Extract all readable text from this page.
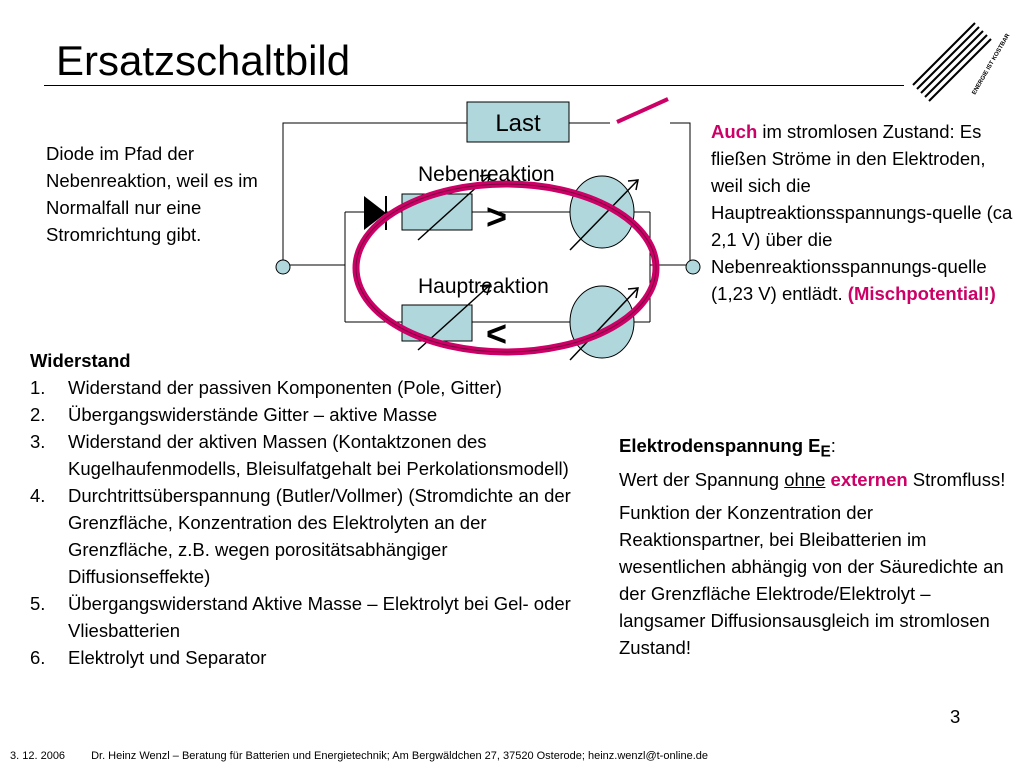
Ersatzschaltbild	ENERGIE IST KOSTBAR
Diode im Pfad der Nebenreaktion, weil es im Normalfall nur eine Stromrichtung gibt.
Last
>
<
Nebenreaktion
Hauptreaktion
Auch im stromlosen Zustand: Es fließen Ströme in den Elektroden, weil sich die Hauptreaktionsspannungs-quelle (ca 2,1 V) über die Nebenreaktionsspannungs-quelle (1,23 V) entlädt. (Mischpotential!)
Widerstand
1. Widerstand der passiven Komponenten (Pole, Gitter)
2. Übergangswiderstände Gitter – aktive Masse
3. Widerstand der aktiven Massen (Kontaktzonen des Kugelhaufenmodells, Bleisulfatgehalt bei Perkolationsmodell)
4. Durchtrittsüberspannung (Butler/Vollmer) (Stromdichte an der Grenzfläche, Konzentration des Elektrolyten an der Grenzfläche, z.B. wegen porositätsabhängiger Diffusionseffekte)
5. Übergangswiderstand Aktive Masse – Elektrolyt bei Gel- oder Vliesbatterien
6. Elektrolyt und Separator

Elektrodenspannung $E_E$:
Wert der Spannung ohne externen Stromfluss!

Funktion der Konzentration der Reaktionspartner, bei Bleibatterien im wesentlichen abhängig von der Säuredichte an der Grenzfläche Elektrode/Elektrolyt – langsamer Diffusionsausgleich im stromlosen Zustand!

3
3. 12. 2006 Dr. Heinz Wenzl – Beratung für Batterien und Energietechnik; Am Bergwäldchen 27, 37520 Osterode; heinz.wenzl@t-online.de
